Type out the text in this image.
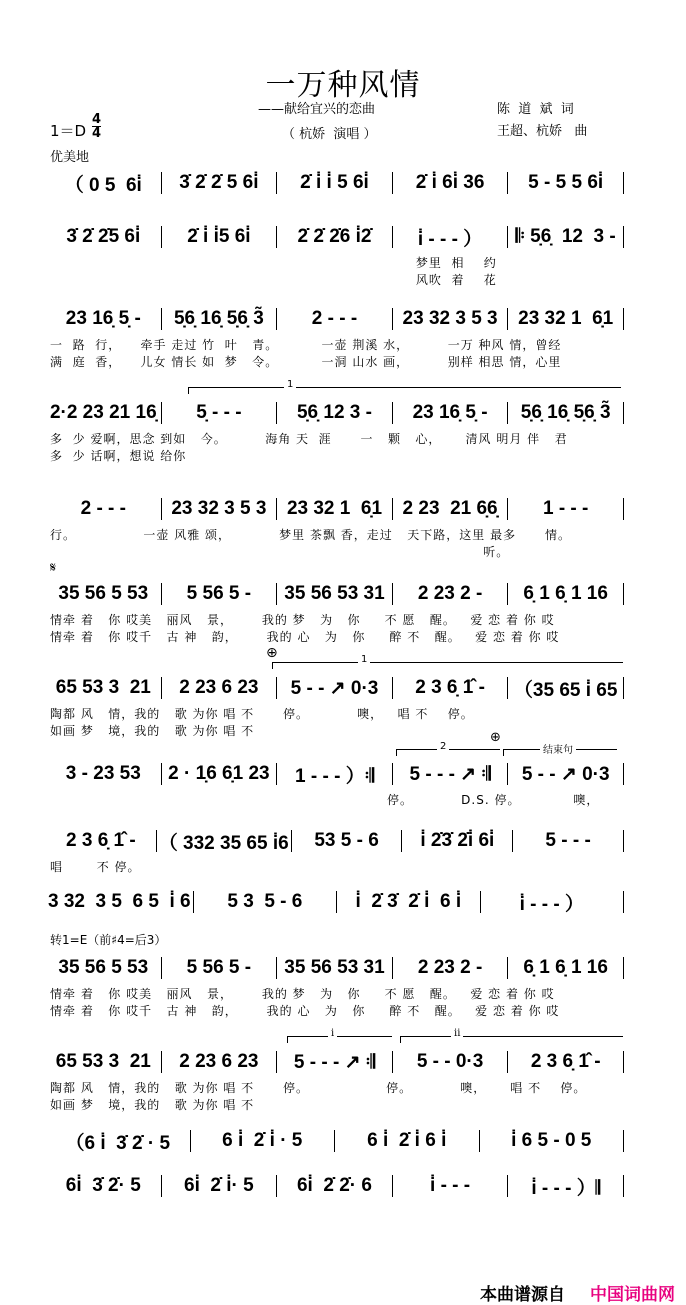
一万种风情
——献给宜兴的恋曲
（ 杭娇  演唱 ）
陈  道  斌  词
王超、杭娇   曲
1＝D
4
4
优美地
（ 0 5  6i̇	3̇ 2̇ 2̇ 5 6i̇	2̇ i̇ i̇ 5 6i̇	2̇ i̇ 6i̇ 36	5 - 5 5 6i̇
3̇ 2̇ 2̇5 6i̇	2̇ i̇ i̇5 6i̇	2̇ 2̇ 2̇6 i̇2̇	i̇ - - - ）	𝄆 5̣6̣  12  3 -
梦里  相    约
风吹  着    花
23 16̣ 5̣ -	5̣6̣ 16̣ 5̣6̣ 3̃	2 - - -	23 32 3 5 3	23 32 1  6̣1
一  路  行，    牵手 走过 竹  叶   青。         一壶 荆溪 水，        一万 种风 情，曾经
满  庭  香，    儿女 情长 如  梦   令。         一洞 山水 画，        别样 相思 情，心里
2·2 23 21 16̣	5̣ - - -	5̣6̣ 12 3 -	23 16̣ 5̣ -	5̣6̣ 16̣ 5̣6̣ 3̃
多  少 爱啊，思念 到如   今。        海角 天  涯      一   颗   心，     清风 明月 伴   君
多  少 话啊，想说 给你
2 - - -	23 32 3 5 3	23 32 1  6̣1	2 23  21 6̣6̣	1 - - -
行。              一壶 风雅 颂，          梦里 茶飘 香，走过   天下路，这里 最多      情。
听。
35 56 5 53	5 56 5 -	35 56 53 31	2 23 2 -	6̣ 1 6̣ 1 16
情牵 着   你 哎美   丽风   景，      我的 梦   为   你     不 愿   醒。   爱 恋 着 你 哎
情牵 着   你 哎千   古 神   韵，      我的 心   为   你     醉 不   醒。   爱 恋 着 你 哎
65 53 3  21	2 23 6 23	5 - - ↗ 0·3	2 3 6̣ 1̂ -	（35 65 i̇ 65
陶都 风   情，我的   歌 为你 唱 不      停。          噢，   唱 不    停。
如画 梦   境，我的   歌 为你 唱 不
3 - 23 53	2 · 1̣6 6̣1 23	1 - - - ）𝄇	5 - - - ↗ 𝄇	5 - - ↗ 0·3
停。          D.S. 停。           噢，
2 3 6̣ 1̂ -	（ 332 35 65 i̇6	53 5 - 6	i̇ 2̇3̇ 2̇i̇ 6i̇	5 - - -
唱       不 停。
3 32  3 5  6 5  i̇ 6	5 3  5 - 6	i̇  2̇ 3̇  2̇ i̇  6 i̇	i̇ - - - ）
35 56 5 53	5 56 5 -	35 56 53 31	2 23 2 -	6̣ 1 6̣ 1 16
情牵 着   你 哎美   丽风   景，      我的 梦   为   你     不 愿   醒。   爱 恋 着 你 哎
情牵 着   你 哎千   古 神   韵，      我的 心   为   你     醉 不   醒。   爱 恋 着 你 哎
65 53 3  21	2 23 6 23	5 - - - ↗ 𝄇	5 - - 0·3	2 3 6̣ 1̂ -
陶都 风   情，我的   歌 为你 唱 不      停。                停。          噢，     唱 不    停。
如画 梦   境，我的   歌 为你 唱 不
（6 i̇  3̇ 2̇ · 5	6 i̇  2̇ i̇ · 5	6 i̇  2̇ i̇ 6 i̇	i̇ 6 5 - 0 5
6i̇  3̇ 2̇· 5	6i̇  2̇ i̇· 5	6i̇  2̇ 2̇· 6	i̇ - - -	i̇ - - - ）𝄂
1
𝄋
⊕	1
2
⊕
结束句
转1=E（前♯4=后3）
i	ii
本曲谱源自 中国词曲网
